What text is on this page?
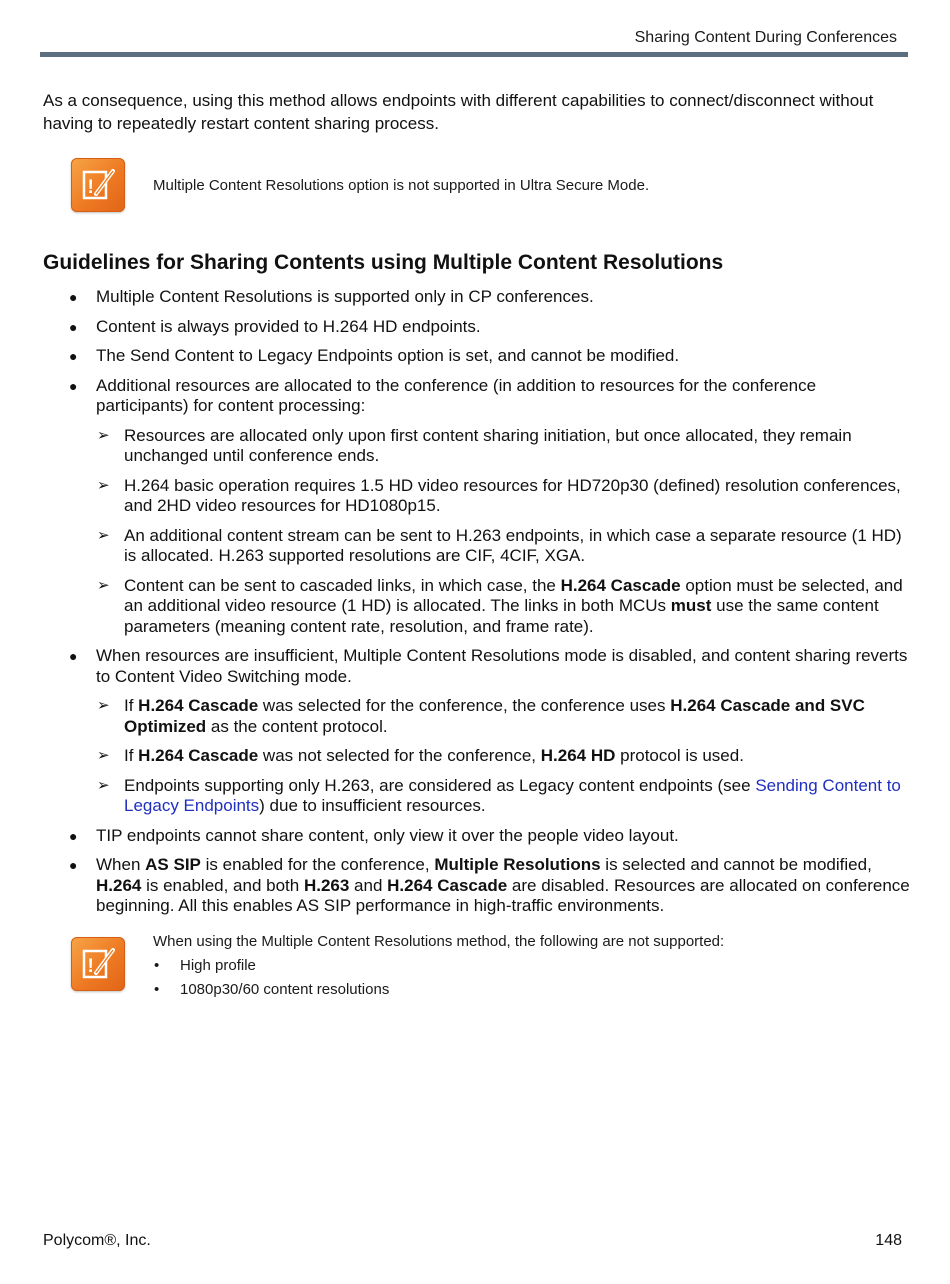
Sharing Content During Conferences

As a consequence, using this method allows endpoints with different capabilities to connect/disconnect without having to repeatedly restart content sharing process.

!	Multiple Content Resolutions option is not supported in Ultra Secure Mode.

Guidelines for Sharing Contents using Multiple Content Resolutions
● Multiple Content Resolutions is supported only in CP conferences.
● Content is always provided to H.264 HD endpoints.
● The Send Content to Legacy Endpoints option is set, and cannot be modified.
● Additional resources are allocated to the conference (in addition to resources for the conference participants) for content processing:
➢ Resources are allocated only upon first content sharing initiation, but once allocated, they remain unchanged until conference ends.
➢ H.264 basic operation requires 1.5 HD video resources for HD720p30 (defined) resolution conferences, and 2HD video resources for HD1080p15.
➢ An additional content stream can be sent to H.263 endpoints, in which case a separate resource (1 HD) is allocated. H.263 supported resolutions are CIF, 4CIF, XGA.
➢ Content can be sent to cascaded links, in which case, the H.264 Cascade option must be selected, and an additional video resource (1 HD) is allocated. The links in both MCUs must use the same content parameters (meaning content rate, resolution, and frame rate).
● When resources are insufficient, Multiple Content Resolutions mode is disabled, and content sharing reverts to Content Video Switching mode.
➢ If H.264 Cascade was selected for the conference, the conference uses H.264 Cascade and SVC Optimized as the content protocol.
➢ If H.264 Cascade was not selected for the conference, H.264 HD protocol is used.
➢ Endpoints supporting only H.263, are considered as Legacy content endpoints (see Sending Content to Legacy Endpoints) due to insufficient resources.
● TIP endpoints cannot share content, only view it over the people video layout.
● When AS SIP is enabled for the conference, Multiple Resolutions is selected and cannot be modified, H.264 is enabled, and both H.263 and H.264 Cascade are disabled. Resources are allocated on conference beginning. All this enables AS SIP performance in high-traffic environments.
!

When using the Multiple Content Resolutions method, the following are not supported:

• High profile
• 1080p30/60 content resolutions

Polycom®, Inc.	148
